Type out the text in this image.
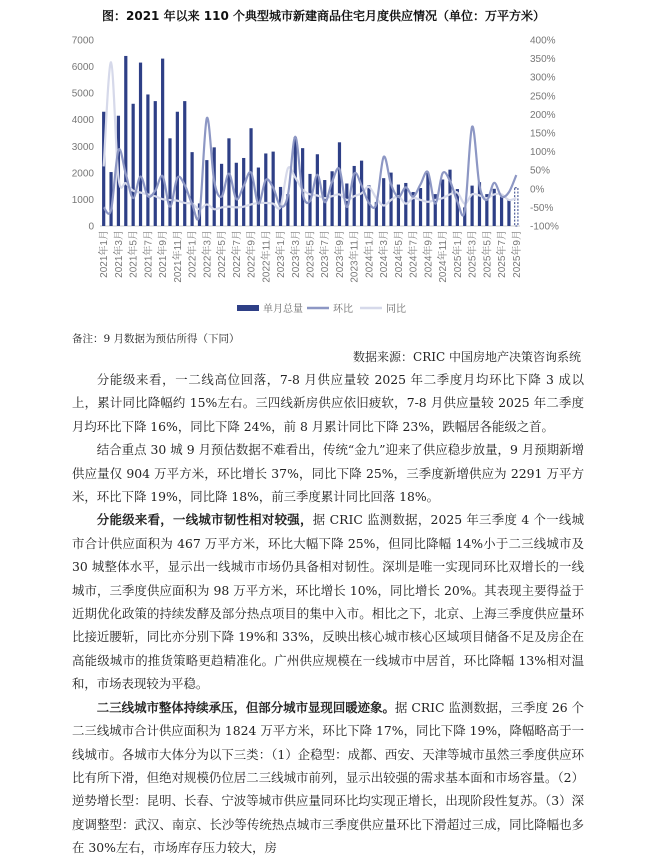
图：2021 年以来 110 个典型城市新建商品住宅月度供应情况（单位：万平方米）
0
1000
2000
3000
4000
5000
6000
7000
-100%
-50%
0%
50%
100%
150%
200%
250%
300%
350%
400%
2021年1月 2021年3月 2021年5月 2021年7月 2021年9月 2021年11月 2022年1月 2022年3月 2022年5月 2022年7月 2022年9月 2022年11月 2023年1月 2023年3月 2023年5月 2023年7月 2023年9月 2023年11月 2024年1月 2024年3月 2024年5月 2024年7月 2024年9月 2024年11月 2025年1月 2025年3月 2025年5月 2025年7月 2025年9月
单月总量	环比	同比
备注：9 月数据为预估所得（下同）
数据来源：CRIC 中国房地产决策咨询系统

分能级来看，一二线高位回落，7-8 月供应量较 2025 年二季度月均环比下降 3 成以上，累计同比降幅约 15%左右。三四线新房供应依旧疲软，7-8 月供应量较 2025 年二季度月均环比下降 16%，同比下降 24%，前 8 月累计同比下降 23%，跌幅居各能级之首。

结合重点 30 城 9 月预估数据不难看出，传统“金九”迎来了供应稳步放量，9 月预期新增供应量仅 904 万平方米，环比增长 37%，同比下降 25%，三季度新增供应为 2291 万平方米，环比下降 19%，同比降 18%，前三季度累计同比回落 18%。

分能级来看，一线城市韧性相对较强，据 CRIC 监测数据，2025 年三季度 4 个一线城市合计供应面积为 467 万平方米，环比大幅下降 25%，但同比降幅 14%小于二三线城市及 30 城整体水平，显示出一线城市市场仍具备相对韧性。深圳是唯一实现同环比双增长的一线城市，三季度供应面积为 98 万平方米，环比增长 10%，同比增长 20%。其表现主要得益于近期优化政策的持续发酵及部分热点项目的集中入市。相比之下，北京、上海三季度供应量环比接近腰斩，同比亦分别下降 19%和 33%，反映出核心城市核心区域项目储备不足及房企在高能级城市的推货策略更趋精准化。广州供应规模在一线城市中居首，环比降幅 13%相对温和，市场表现较为平稳。

二三线城市整体持续承压，但部分城市显现回暖迹象。据 CRIC 监测数据，三季度 26 个二三线城市合计供应面积为 1824 万平方米，环比下降 17%，同比下降 19%，降幅略高于一线城市。各城市大体分为以下三类：（1）企稳型：成都、西安、天津等城市虽然三季度供应环比有所下滑，但绝对规模仍位居二三线城市前列，显示出较强的需求基本面和市场容量。（2）逆势增长型：昆明、长春、宁波等城市供应量同环比均实现正增长，出现阶段性复苏。（3）深度调整型：武汉、南京、长沙等传统热点城市三季度供应量环比下滑超过三成，同比降幅也多在 30%左右，市场库存压力较大，房
